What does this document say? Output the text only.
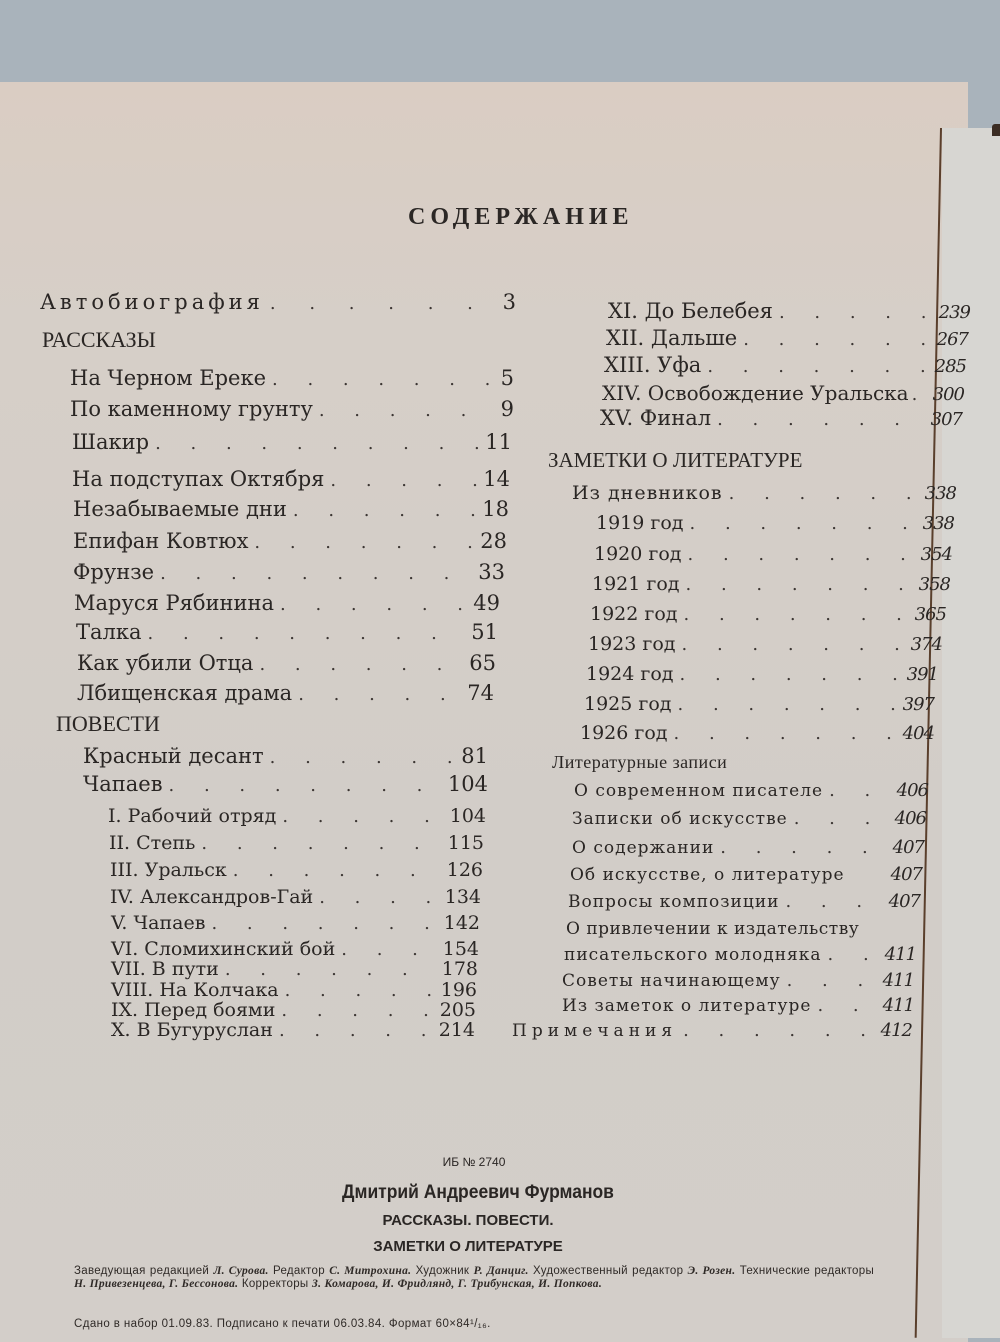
СОДЕРЖАНИЕ
Автобиография . . .	3
РАССКАЗЫ
На Черном Ереке . . .	5
По каменному грунту . . .	9
Шакир . . .	11
На подступах Октября . . .	14
Незабываемые дни . . .	18
Епифан Ковтюх . . .	28
Фрунзе . . .	33
Маруся Рябинина . . .	49
Талка . . .	51
Как убили Отца . . .	65
Лбищенская драма . . .	74
ПОВЕСТИ
Красный десант . . .	81
Чапаев . . .	104
I. Рабочий отряд . . .	104
II. Степь . . .	115
III. Уральск . . .	126
IV. Александров-Гай . . .	134
V. Чапаев . . .	142
VI. Сломихинский бой . . .	154
VII. В пути . . .	178
VIII. На Колчака . . .	196
IX. Перед боями . . .	205
X. В Бугуруслан . . .	214
XI. До Белебея . . .	239
XII. Дальше . . .	267
XIII. Уфа . . .	285
XIV. Освобождение Уральска . . . 300
XV. Финал . . .	307
ЗАМЕТКИ О ЛИТЕРАТУРЕ
Из дневников . . .	338
1919 год . . .	338
1920 год . . .	354
1921 год . . .	358
1922 год . . .	365
1923 год . . .	374
1924 год . . .	391
1925 год . . .	397
1926 год . . .	404
Литературные записи
О современном писателе . . .	406
Записки об искусстве . . .	406
О содержании . . .	407
Об искусстве, о литературе	407
Вопросы композиции . . .	407
О привлечении к издательству
писательского молодняка . . .	411
Советы начинающему . . .	411
Из заметок о литературе . . .	411
Примечания . . .	412
ИБ № 2740
Дмитрий Андреевич Фурманов
РАССКАЗЫ. ПОВЕСТИ.
ЗАМЕТКИ О ЛИТЕРАТУРЕ
Заведующая редакцией Л. Сурова. Редактор С. Митрохина. Художник Р. Данциг. Художественный редактор Э. Розен. Технические редакторы Н. Привезенцева, Г. Бессонова. Корректоры З. Комарова, И. Фридлянд, Г. Трибунская, И. Попкова.
Сдано в набор 01.09.83. Подписано к печати 06.03.84. Формат 60×84¹/₁₆.
